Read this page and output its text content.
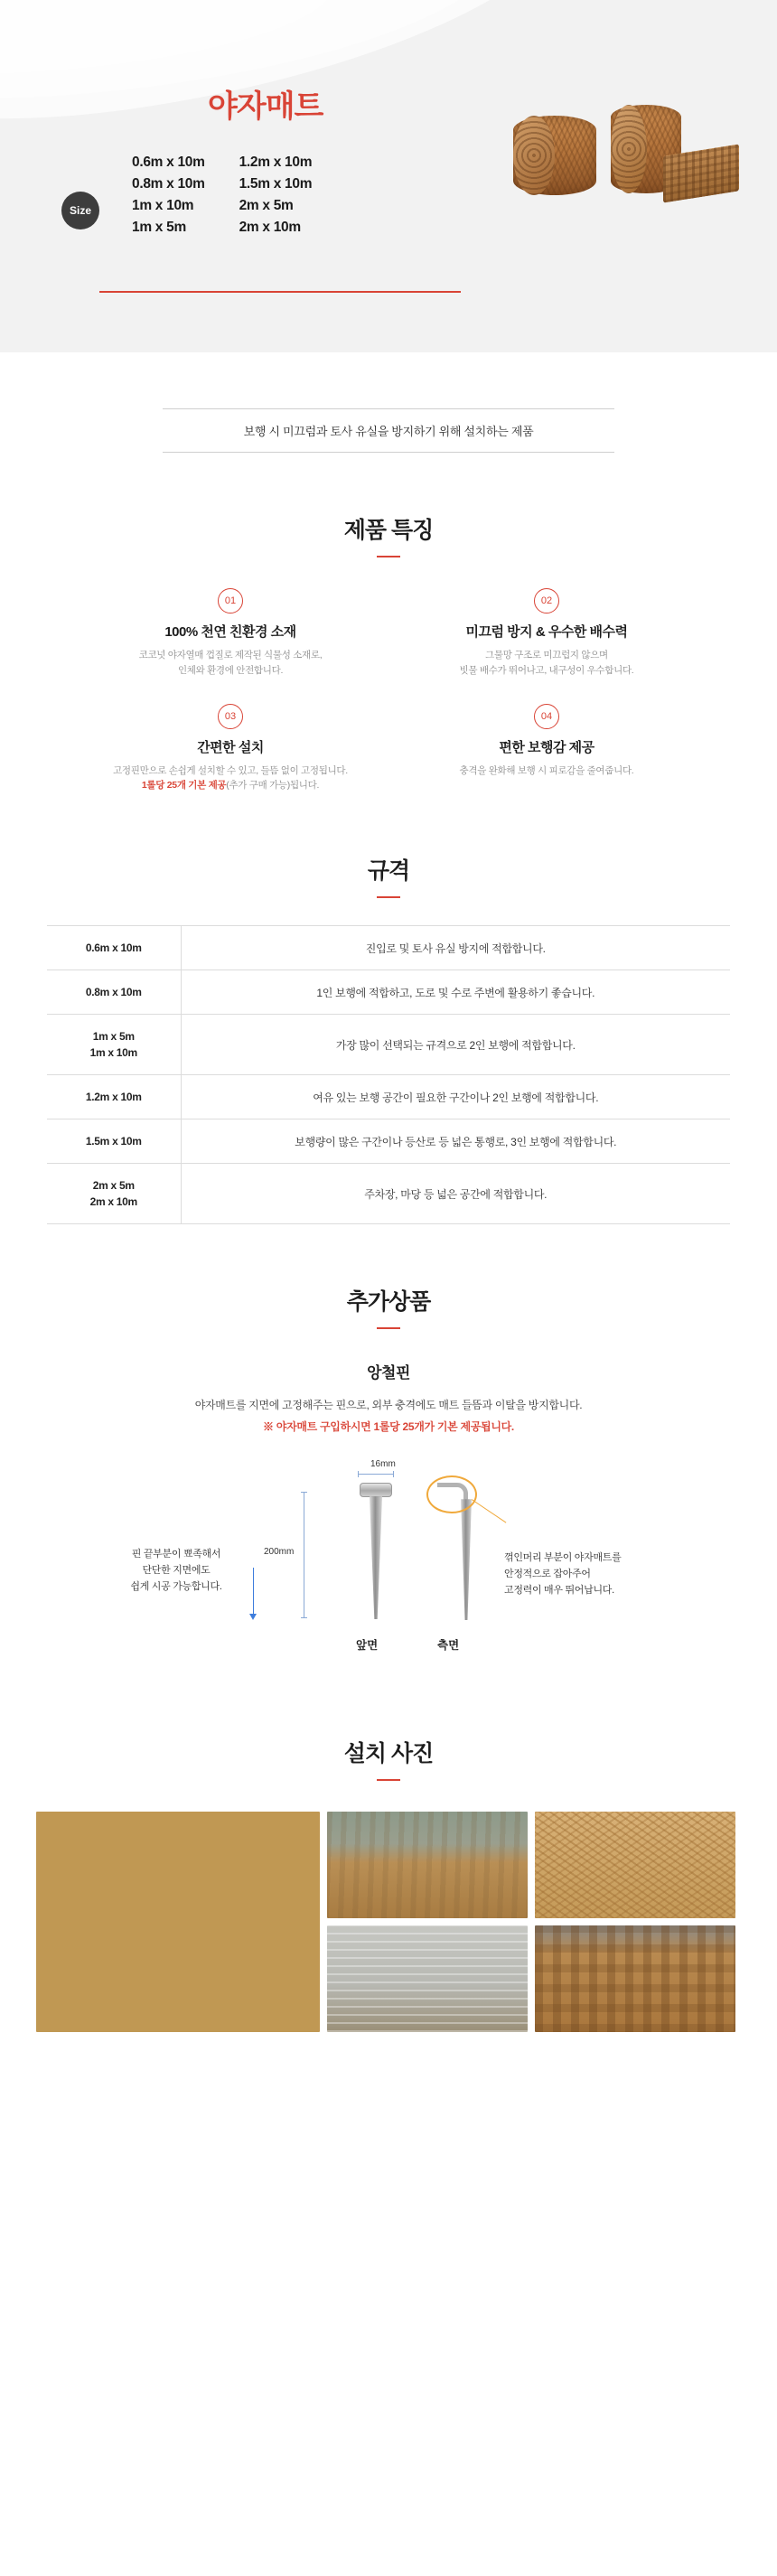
야자매트
Size
0.6m x 10m
0.8m x 10m
1m x 10m
1m x 5m
1.2m x 10m
1.5m x 10m
2m x 5m
2m x 10m
보행 시 미끄럼과 토사 유실을 방지하기 위해 설치하는 제품
제품 특징
01
100% 천연 친환경 소재

코코넛 야자열매 껍질로 제작된 식물성 소재로,
인체와 환경에 안전합니다.

02
미끄럼 방지 & 우수한 배수력

그물망 구조로 미끄럽지 않으며
빗물 배수가 뛰어나고, 내구성이 우수합니다.

03
간편한 설치

고정핀만으로 손쉽게 설치할 수 있고, 들뜸 없이 고정됩니다.
1롤당 25개 기본 제공(추가 구매 가능)됩니다.

04
편한 보행감 제공

충격을 완화해 보행 시 피로감을 줄여줍니다.

규격
0.6m x 10m	진입로 및 토사 유실 방지에 적합합니다.

0.8m x 10m	1인 보행에 적합하고, 도로 및 수로 주변에 활용하기 좋습니다.

1m x 5m
1m x 10m	가장 많이 선택되는 규격으로 2인 보행에 적합합니다.

1.2m x 10m	여유 있는 보행 공간이 필요한 구간이나 2인 보행에 적합합니다.

1.5m x 10m	보행량이 많은 구간이나 등산로 등 넓은 통행로, 3인 보행에 적합합니다.

2m x 5m
2m x 10m	주차장, 마당 등 넓은 공간에 적합합니다.
추가상품
앙철핀
야자매트를 지면에 고정해주는 핀으로, 외부 충격에도 매트 들뜸과 이탈을 방지합니다.
※ 야자매트 구입하시면 1롤당 25개가 기본 제공됩니다.
16mm
200mm
핀 끝부분이 뾰족해서
단단한 지면에도
쉽게 시공 가능합니다.
꺾인머리 부분이 야자매트를
안정적으로 잡아주어
고정력이 매우 뛰어납니다.
앞면	측면
설치 사진
